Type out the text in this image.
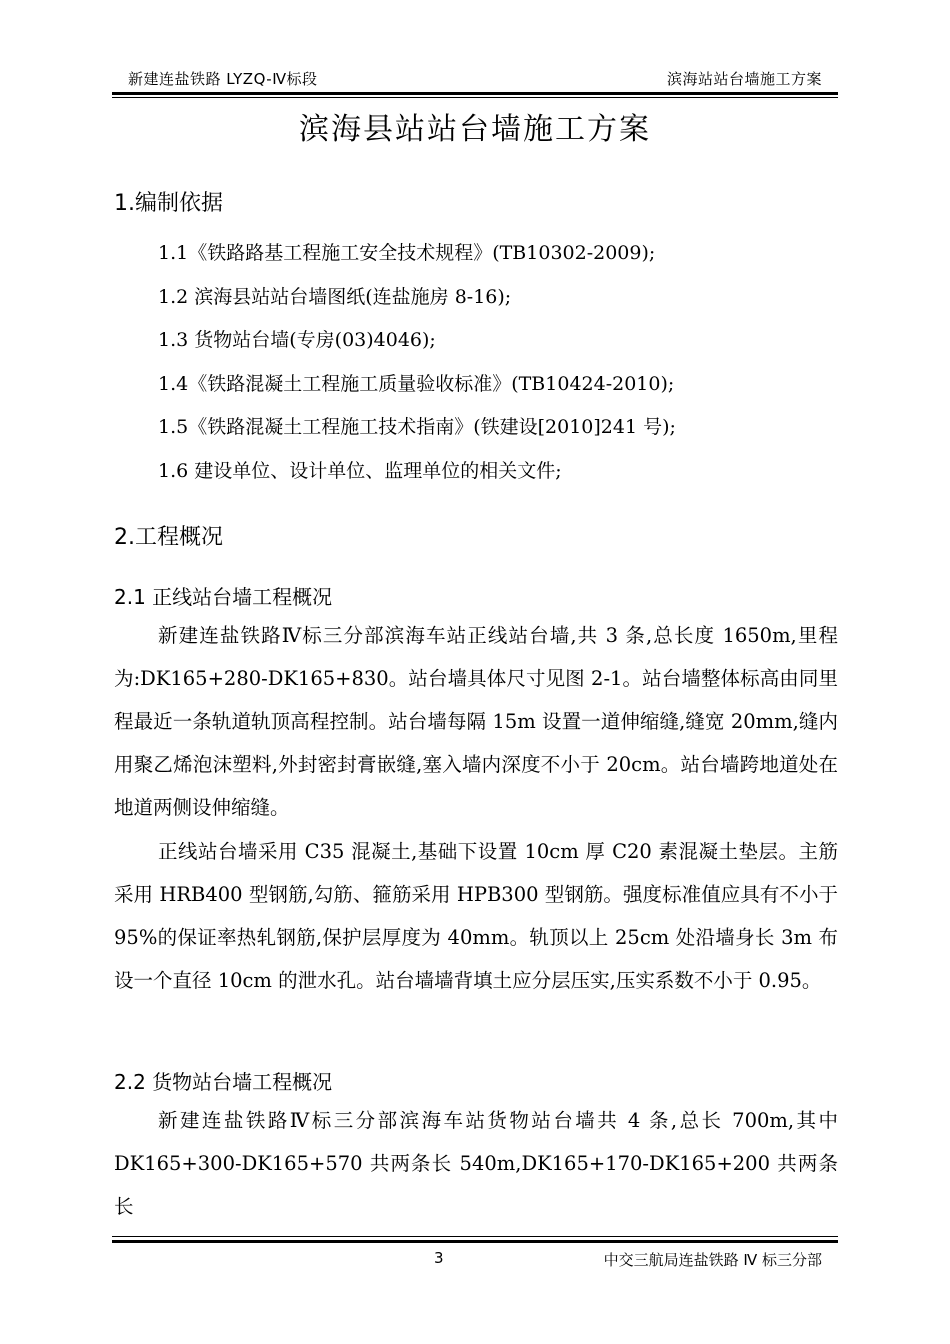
新建连盐铁路 LYZQ-Ⅳ标段	滨海站站台墙施工方案
滨海县站站台墙施工方案
1.编制依据
1.1《铁路路基工程施工安全技术规程》(TB10302-2009);
1.2 滨海县站站台墙图纸(连盐施房 8-16);
1.3 货物站台墙(专房(03)4046);
1.4《铁路混凝土工程施工质量验收标准》(TB10424-2010);
1.5《铁路混凝土工程施工技术指南》(铁建设[2010]241 号);
1.6 建设单位、设计单位、监理单位的相关文件;
2.工程概况
2.1 正线站台墙工程概况
新建连盐铁路Ⅳ标三分部滨海车站正线站台墙,共 3 条,总长度 1650m,里程为:DK165+280-DK165+830。站台墙具体尺寸见图 2-1。站台墙整体标高由同里程最近一条轨道轨顶高程控制。站台墙每隔 15m 设置一道伸缩缝,缝宽 20mm,缝内用聚乙烯泡沫塑料,外封密封膏嵌缝,塞入墙内深度不小于 20cm。站台墙跨地道处在地道两侧设伸缩缝。
正线站台墙采用 C35 混凝土,基础下设置 10cm 厚 C20 素混凝土垫层。主筋采用 HRB400 型钢筋,勾筋、箍筋采用 HPB300 型钢筋。强度标准值应具有不小于 95%的保证率热轧钢筋,保护层厚度为 40mm。轨顶以上 25cm 处沿墙身长 3m 布设一个直径 10cm 的泄水孔。站台墙墙背填土应分层压实,压实系数不小于 0.95。
2.2 货物站台墙工程概况
新建连盐铁路Ⅳ标三分部滨海车站货物站台墙共 4 条,总长 700m,其中 DK165+300-DK165+570 共两条长 540m,DK165+170-DK165+200 共两条长
3	中交三航局连盐铁路 Ⅳ 标三分部
